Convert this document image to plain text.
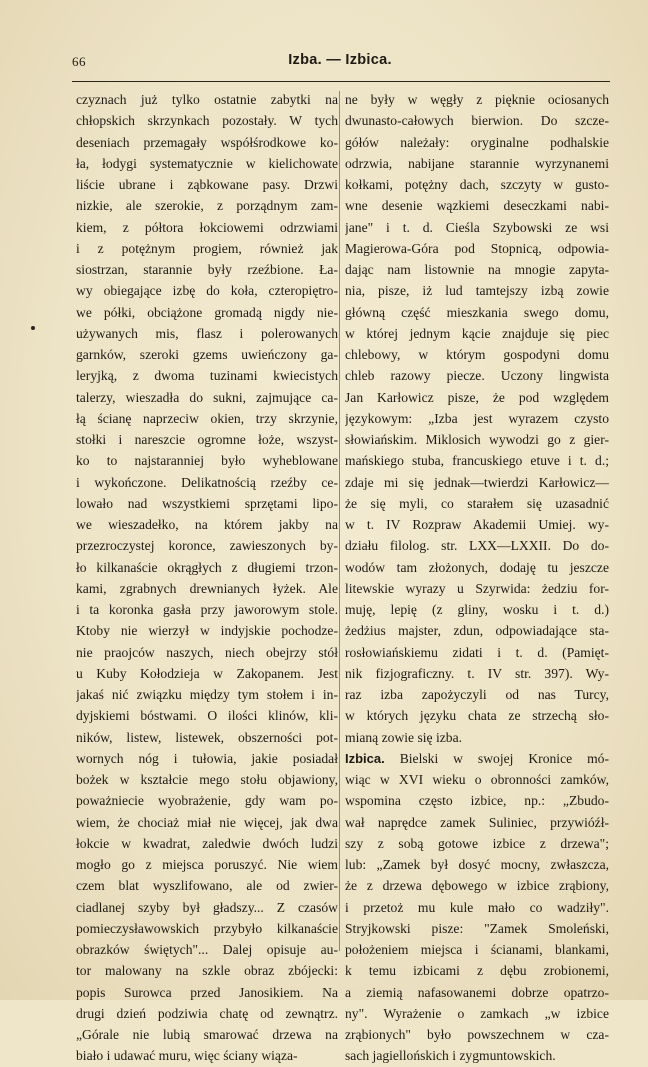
66	Izba. — Izbica.
czyznach już tylko ostatnie zabytki na
chłopskich skrzynkach pozostały. W tych
deseniach przemagały współśrodkowe ko-
ła, łodygi systematycznie w kielichowate
liście ubrane i ząbkowane pasy. Drzwi
nizkie, ale szerokie, z porządnym zam-
kiem, z półtora łokciowemi odrzwiami
i z potężnym progiem, również jak
siostrzan, starannie były rzeźbione. Ła-
wy obiegające izbę do koła, czteropiętro-
we półki, obciążone gromadą nigdy nie-
używanych mis, flasz i polerowanych
garnków, szeroki gzems uwieńczony ga-
leryjką, z dwoma tuzinami kwiecistych
talerzy, wieszadła do sukni, zajmujące ca-
łą ścianę naprzeciw okien, trzy skrzynie,
stołki i nareszcie ogromne łoże, wszyst-
ko to najstaranniej było wyheblowane
i wykończone. Delikatnością rzeźby ce-
lowało nad wszystkiemi sprzętami lipo-
we wieszadełko, na którem jakby na
przezroczystej koronce, zawieszonych by-
ło kilkanaście okrągłych z długiemi trzon-
kami, zgrabnych drewnianych łyżek. Ale
i ta koronka gasła przy jaworowym stole.
Ktoby nie wierzył w indyjskie pochodze-
nie praojców naszych, niech obejrzy stół
u Kuby Kołodzieja w Zakopanem. Jest
jakaś nić związku między tym stołem i in-
dyjskiemi bóstwami. O ilości klinów, kli-
ników, listew, listewek, obszerności pot-
wornych nóg i tułowia, jakie posiadał
bożek w kształcie mego stołu objawiony,
poważniecie wyobrażenie, gdy wam po-
wiem, że chociaż miał nie więcej, jak dwa
łokcie w kwadrat, zaledwie dwóch ludzi
mogło go z miejsca poruszyć. Nie wiem
czem blat wyszlifowano, ale od zwier-
ciadlanej szyby był gładszy... Z czasów
pomieczysławowskich przybyło kilkanaście
obrazków świętych"... Dalej opisuje au-
tor malowany na szkle obraz zbójecki:
popis Surowca przed Janosikiem. Na
drugi dzień podziwia chatę od zewnątrz.
„Górale nie lubią smarować drzewa na
biało i udawać muru, więc ściany wiąza-
ne były w węgły z pięknie ociosanych
dwunasto-całowych bierwion. Do szcze-
gółów należały: oryginalne podhalskie
odrzwia, nabijane starannie wyrzynanemi
kołkami, potężny dach, szczyty w gusto-
wne desenie wązkiemi deseczkami nabi-
jane" i t. d. Cieśla Szybowski ze wsi
Magierowa-Góra pod Stopnicą, odpowia-
dając nam listownie na mnogie zapyta-
nia, pisze, iż lud tamtejszy izbą zowie
główną część mieszkania swego domu,
w której jednym kącie znajduje się piec
chlebowy, w którym gospodyni domu
chleb razowy piecze. Uczony lingwista
Jan Karłowicz pisze, że pod względem
językowym: „Izba jest wyrazem czysto
słowiańskim. Miklosich wywodzi go z gier-
mańskiego stuba, francuskiego etuve i t. d.;
zdaje mi się jednak—twierdzi Karłowicz—
że się myli, co starałem się uzasadnić
w t. IV Rozpraw Akademii Umiej. wy-
działu filolog. str. LXX—LXXII. Do do-
wodów tam złożonych, dodaję tu jeszcze
litewskie wyrazy u Szyrwida: żedziu for-
muję, lepię (z gliny, wosku i t. d.)
żedżius majster, zdun, odpowiadające sta-
rosłowiańskiemu zidati i t. d. (Pamięt-
nik fizjograficzny. t. IV str. 397). Wy-
raz izba zapożyczyli od nas Turcy,
w których języku chata ze strzechą sło-
mianą zowie się izba.
Izbica. Bielski w swojej Kronice mó-
wiąc w XVI wieku o obronności zamków,
wspomina często izbice, np.: „Zbudo-
wał naprędce zamek Suliniec, przywióźł-
szy z sobą gotowe izbice z drzewa";
lub: „Zamek był dosyć mocny, zwłaszcza,
że z drzewa dębowego w izbice zrąbiony,
i przetoż mu kule mało co wadziły".
Stryjkowski pisze: "Zamek Smoleński,
położeniem miejsca i ścianami, blankami,
k temu izbicami z dębu zrobionemi,
a ziemią nafasowanemi dobrze opatrzo-
ny". Wyrażenie o zamkach „w izbice
zrąbionych" było powszechnem w cza-
sach jagiellońskich i zygmuntowskich.
